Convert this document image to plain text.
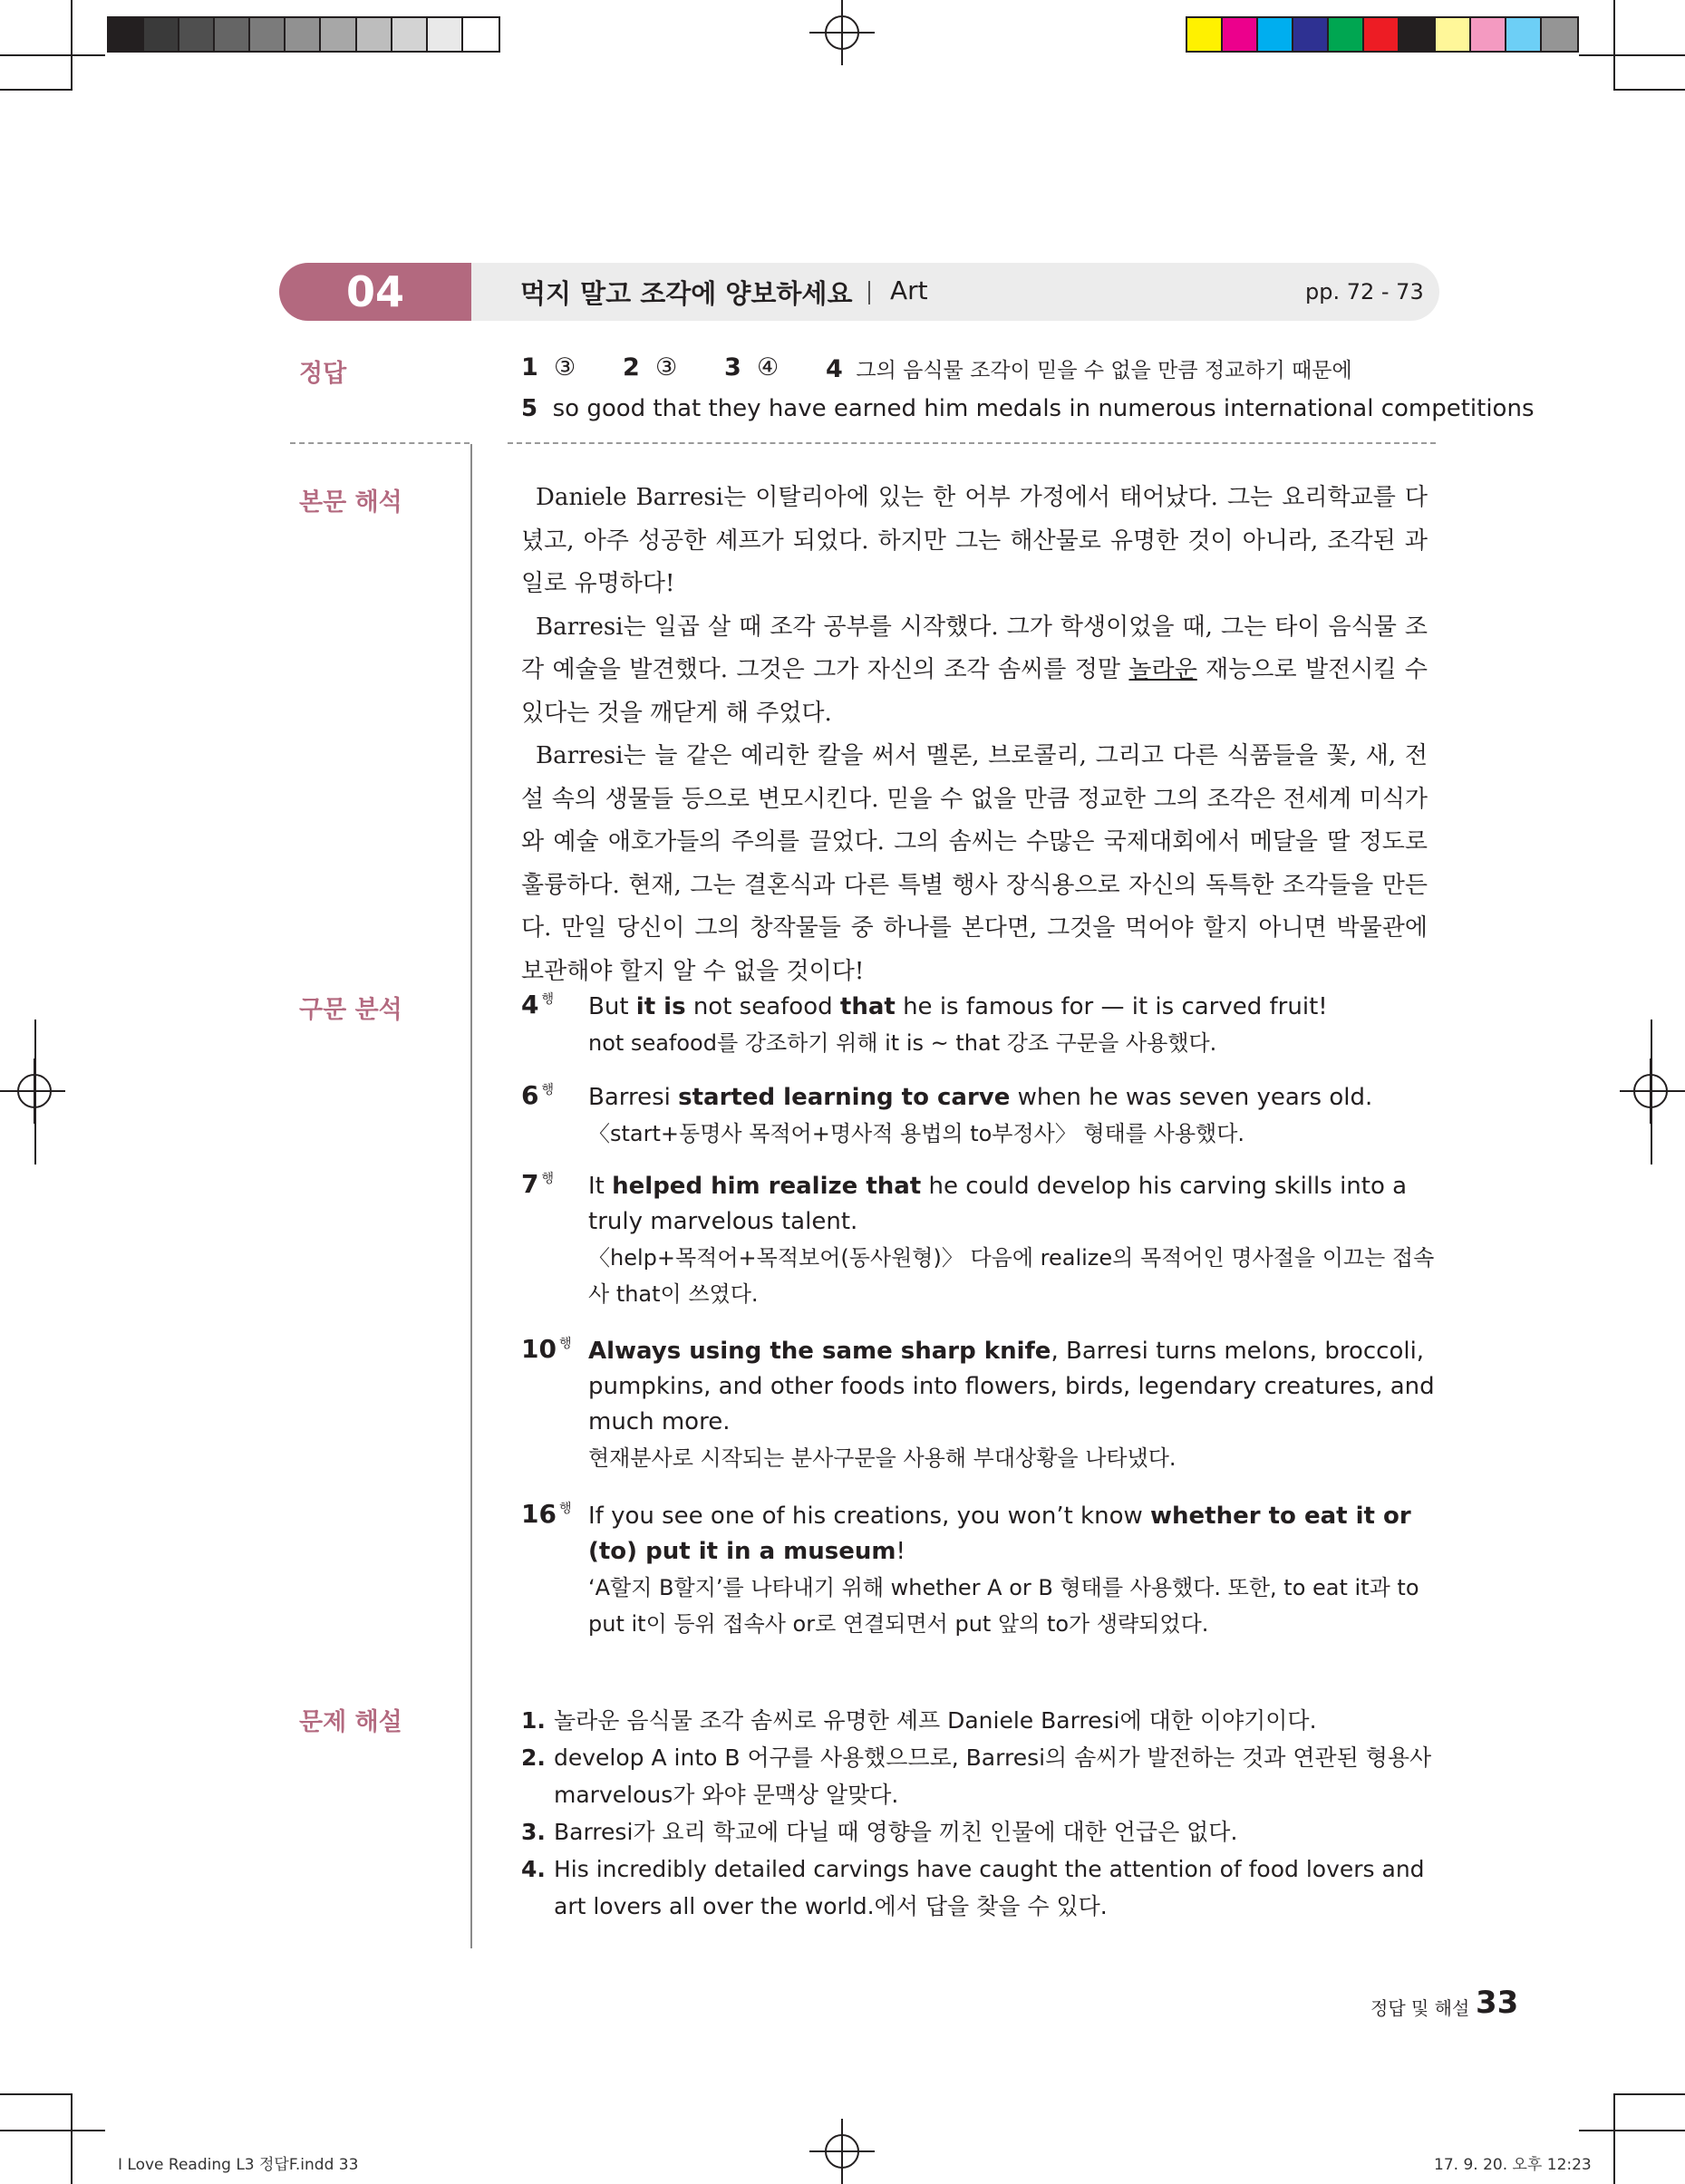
04	먹지 말고 조각에 양보하세요 Art	pp. 72 - 73
정답
본문 해석
구문 분석
문제 해설
1 ③ 2 ③ 3 ④ 4 그의 음식물 조각이 믿을 수 없을 만큼 정교하기 때문에
5 so good that they have earned him medals in numerous international competitions

Daniele Barresi는 이탈리아에 있는 한 어부 가정에서 태어났다. 그는 요리학교를 다녔고, 아주 성공한 셰프가 되었다. 하지만 그는 해산물로 유명한 것이 아니라, 조각된 과일로 유명하다!

Barresi는 일곱 살 때 조각 공부를 시작했다. 그가 학생이었을 때, 그는 타이 음식물 조각 예술을 발견했다. 그것은 그가 자신의 조각 솜씨를 정말 놀라운 재능으로 발전시킬 수 있다는 것을 깨닫게 해 주었다.

Barresi는 늘 같은 예리한 칼을 써서 멜론, 브로콜리, 그리고 다른 식품들을 꽃, 새, 전설 속의 생물들 등으로 변모시킨다. 믿을 수 없을 만큼 정교한 그의 조각은 전세계 미식가와 예술 애호가들의 주의를 끌었다. 그의 솜씨는 수많은 국제대회에서 메달을 딸 정도로 훌륭하다. 현재, 그는 결혼식과 다른 특별 행사 장식용으로 자신의 독특한 조각들을 만든다. 만일 당신이 그의 창작물들 중 하나를 본다면, 그것을 먹어야 할지 아니면 박물관에 보관해야 할지 알 수 없을 것이다!

4 $^행$ But it is not seafood that he is famous for — it is carved fruit!
not seafood를 강조하기 위해 it is ~ that 강조 구문을 사용했다.
6 $^행$ Barresi started learning to carve when he was seven years old.
〈start+동명사 목적어+명사적 용법의 to부정사〉 형태를 사용했다.
7 $^행$ It helped him realize that he could develop his carving skills into a truly marvelous talent.
〈help+목적어+목적보어(동사원형)〉 다음에 realize의 목적어인 명사절을 이끄는 접속사 that이 쓰였다.
10 $^행$ Always using the same sharp knife, Barresi turns melons, broccoli, pumpkins, and other foods into flowers, birds, legendary creatures, and much more.
현재분사로 시작되는 분사구문을 사용해 부대상황을 나타냈다.
16 $^행$ If you see one of his creations, you won’t know whether to eat it or (to) put it in a museum!
‘A할지 B할지’를 나타내기 위해 whether A or B 형태를 사용했다. 또한, to eat it과 to put it이 등위 접속사 or로 연결되면서 put 앞의 to가 생략되었다.
1. 놀라운 음식물 조각 솜씨로 유명한 셰프 Daniele Barresi에 대한 이야기이다.
2. develop A into B 어구를 사용했으므로, Barresi의 솜씨가 발전하는 것과 연관된 형용사 marvelous가 와야 문맥상 알맞다.
3. Barresi가 요리 학교에 다닐 때 영향을 끼친 인물에 대한 언급은 없다.
4. His incredibly detailed carvings have caught the attention of food lovers and art lovers all over the world.에서 답을 찾을 수 있다.
정답 및 해설 33
I Love Reading L3 정답F.indd 33	17. 9. 20. 오후 12:23
